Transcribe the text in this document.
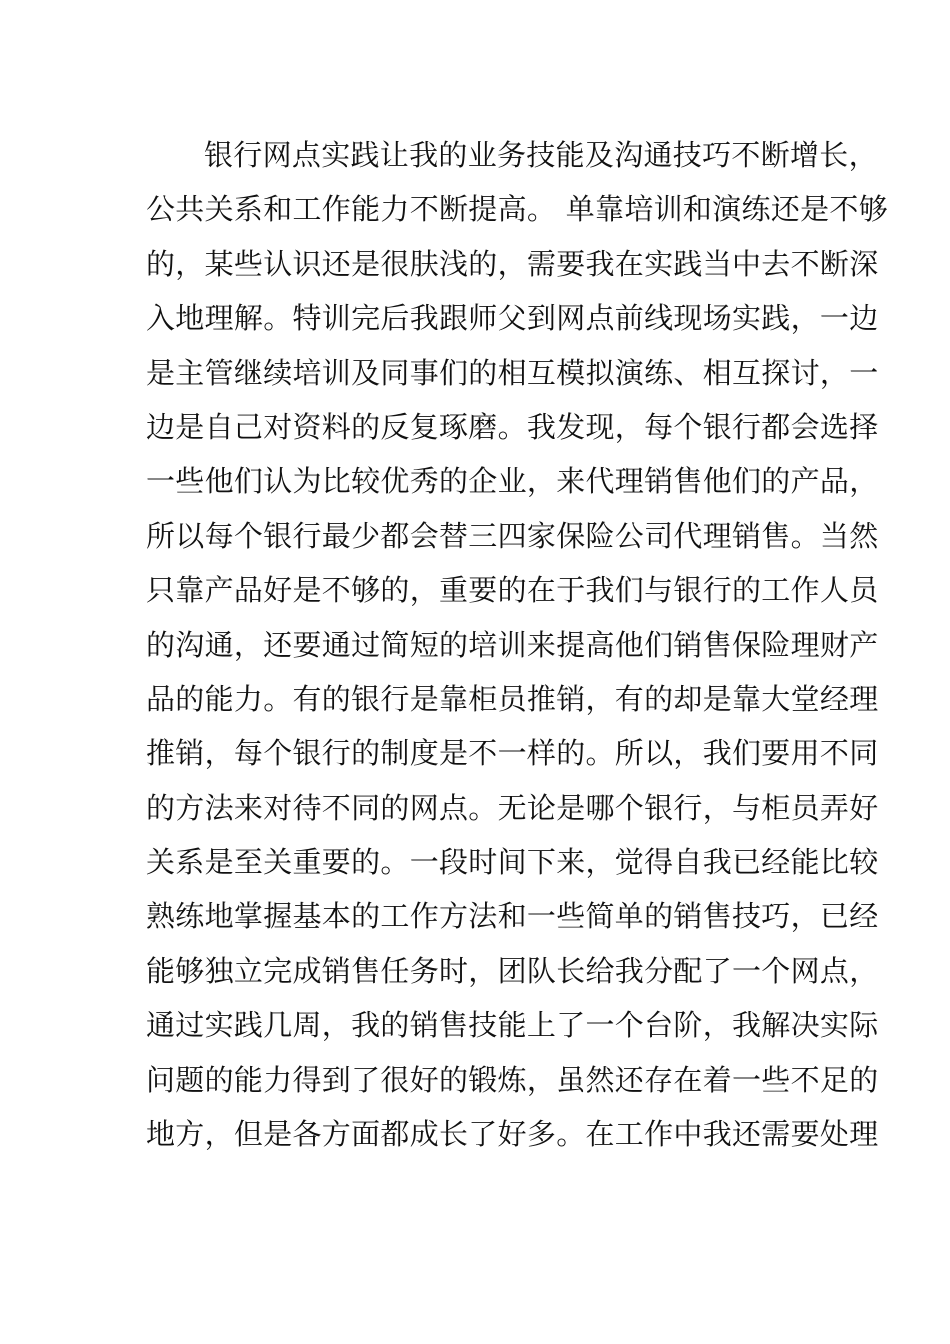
银行网点实践让我的业务技能及沟通技巧不断增长，
公共关系和工作能力不断提高。 单靠培训和演练还是不够
的，某些认识还是很肤浅的，需要我在实践当中去不断深
入地理解。特训完后我跟师父到网点前线现场实践，一边
是主管继续培训及同事们的相互模拟演练、相互探讨，一
边是自己对资料的反复琢磨。我发现，每个银行都会选择
一些他们认为比较优秀的企业，来代理销售他们的产品，
所以每个银行最少都会替三四家保险公司代理销售。当然
只靠产品好是不够的，重要的在于我们与银行的工作人员
的沟通，还要通过简短的培训来提高他们销售保险理财产
品的能力。有的银行是靠柜员推销，有的却是靠大堂经理
推销，每个银行的制度是不一样的。所以，我们要用不同
的方法来对待不同的网点。无论是哪个银行，与柜员弄好
关系是至关重要的。一段时间下来，觉得自我已经能比较
熟练地掌握基本的工作方法和一些简单的销售技巧，已经
能够独立完成销售任务时，团队长给我分配了一个网点，
通过实践几周，我的销售技能上了一个台阶，我解决实际
问题的能力得到了很好的锻炼，虽然还存在着一些不足的
地方，但是各方面都成长了好多。在工作中我还需要处理
